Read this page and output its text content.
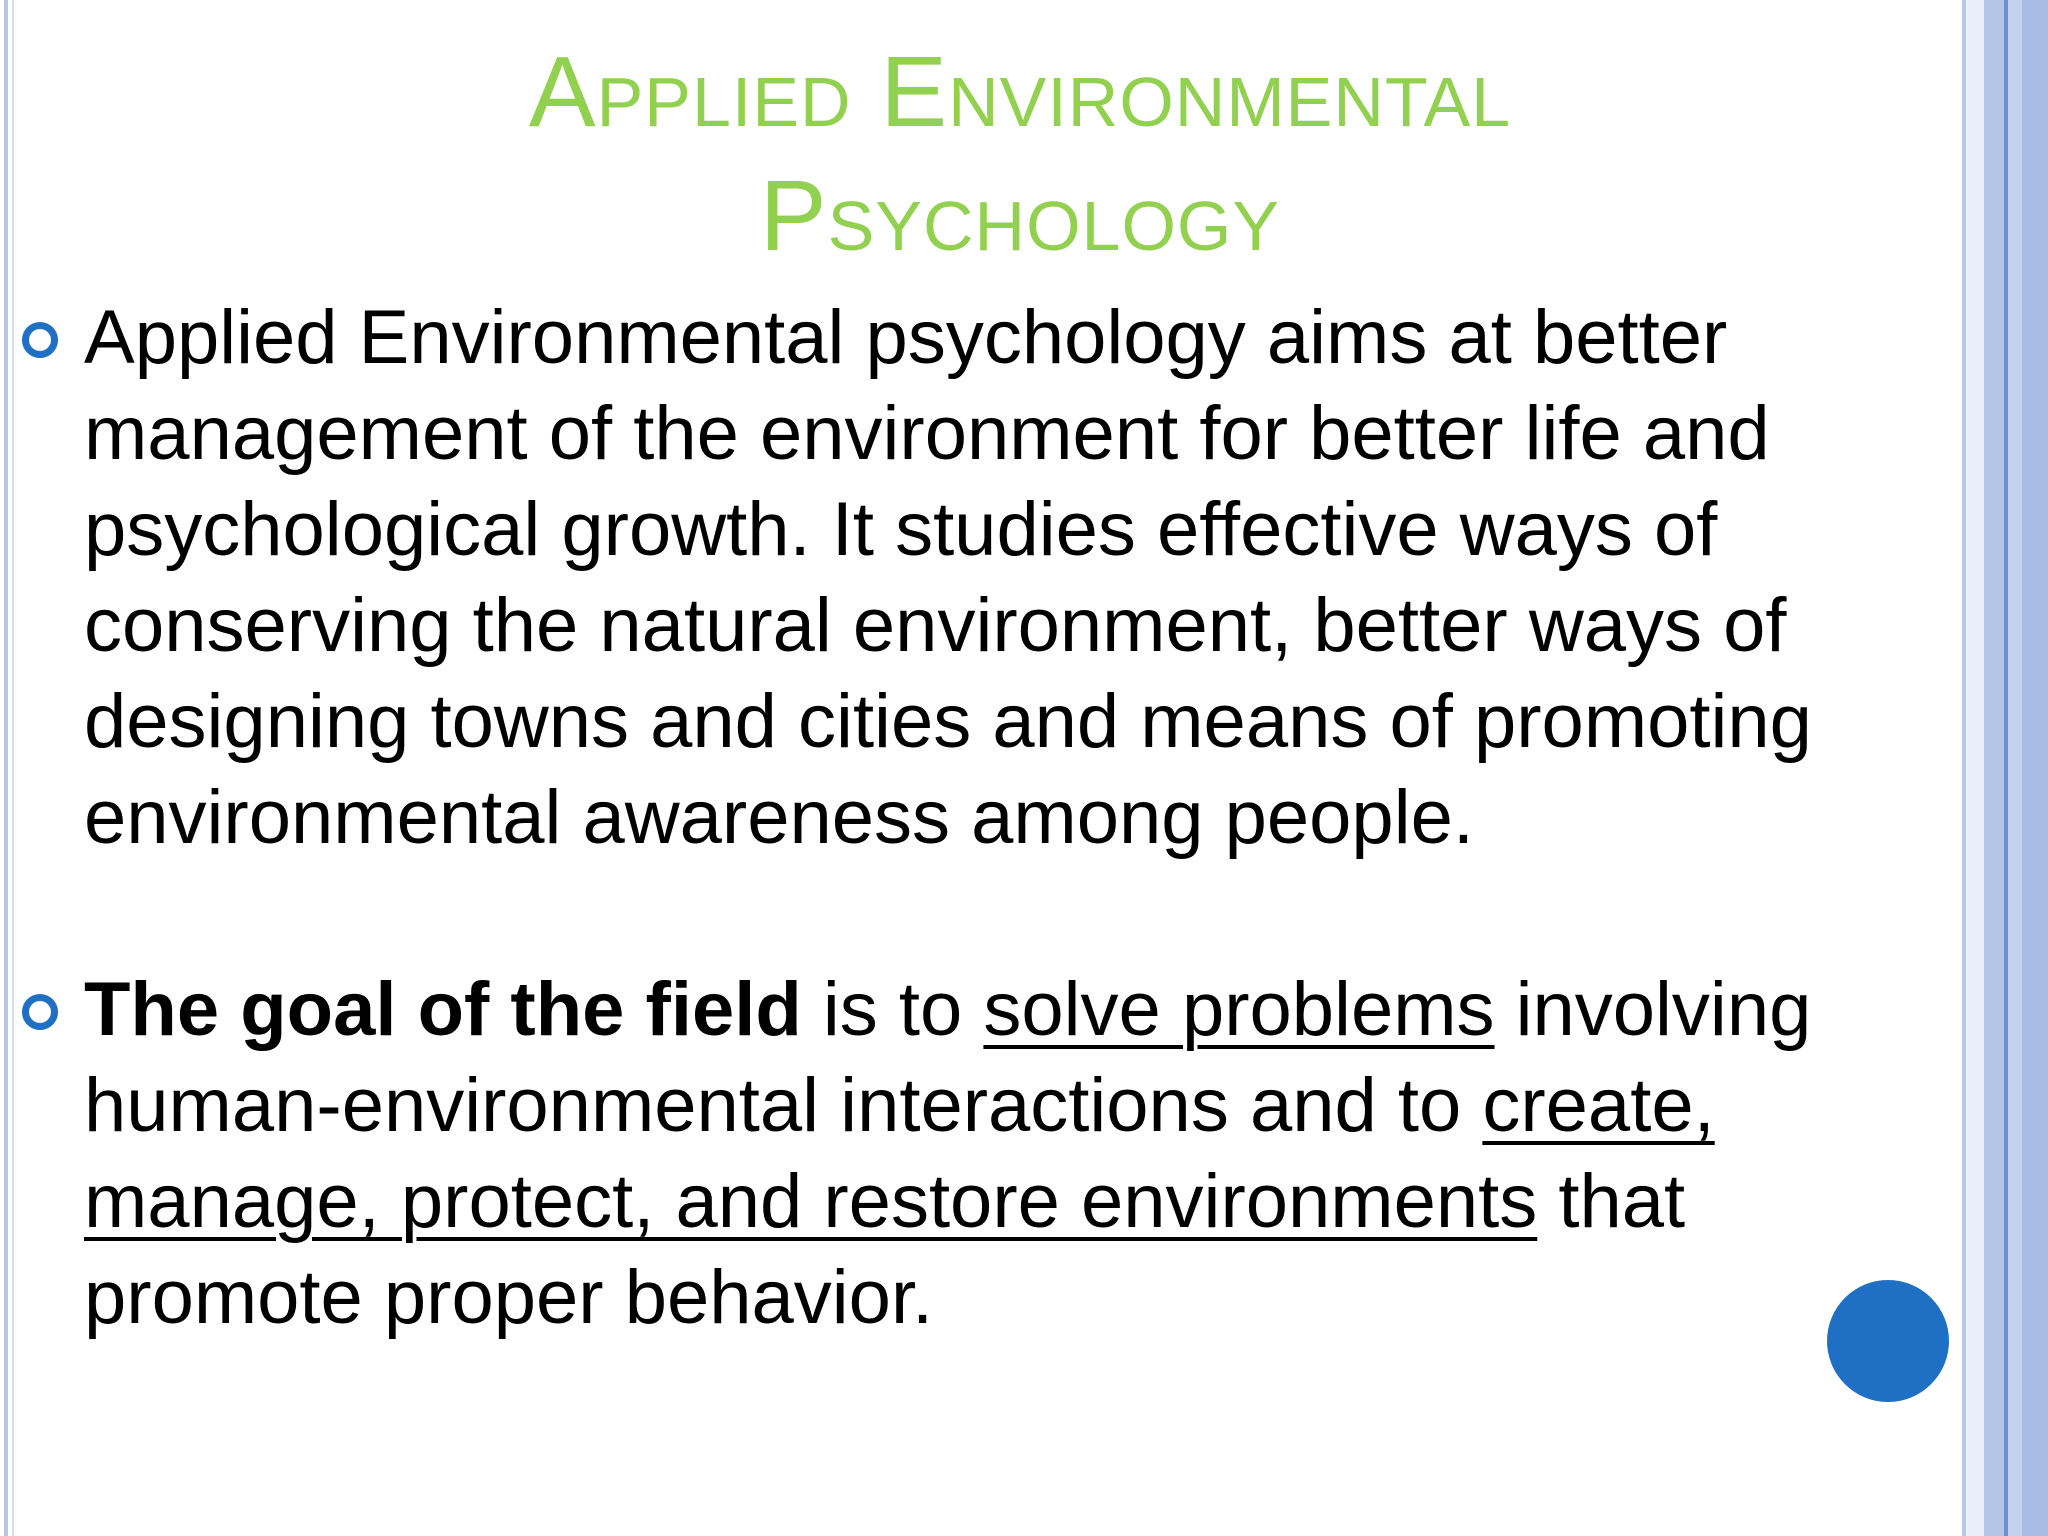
Applied Environmental
Psychology
Applied Environmental psychology aims at better management of the environment for better life and psychological growth. It studies effective ways of conserving the natural environment, better ways of designing towns and cities and means of promoting environmental awareness among people.
The goal of the field is to solve problems involving human-environmental interactions and to create, manage, protect, and restore environments that promote proper behavior.
